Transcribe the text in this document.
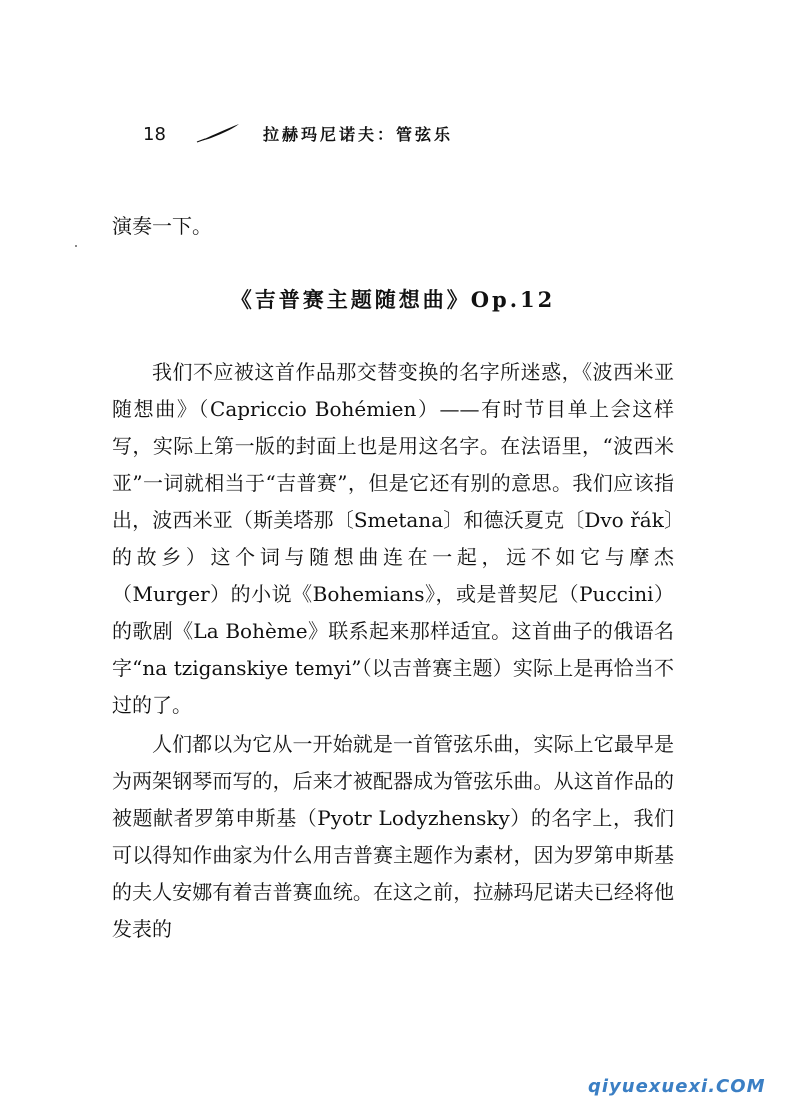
18	拉赫玛尼诺夫：管弦乐

演奏一下。

《吉普赛主题随想曲》Op.12

我们不应被这首作品那交替变换的名字所迷惑，《波西米亚随想曲》（Capriccio Bohémien）——有时节目单上会这样写，实际上第一版的封面上也是用这名字。在法语里，“波西米亚”一词就相当于“吉普赛”，但是它还有别的意思。我们应该指出，波西米亚（斯美塔那〔Smetana〕和德沃夏克〔Dvo řák〕的故乡）这个词与随想曲连在一起，远不如它与摩杰（Murger）的小说《Bohemians》，或是普契尼（Puccini）的歌剧《La Bohème》联系起来那样适宜。这首曲子的俄语名字“na tziganskiye temyi”（以吉普赛主题）实际上是再恰当不过的了。

人们都以为它从一开始就是一首管弦乐曲，实际上它最早是为两架钢琴而写的，后来才被配器成为管弦乐曲。从这首作品的被题献者罗第申斯基（Pyotr Lodyzhensky）的名字上，我们可以得知作曲家为什么用吉普赛主题作为素材，因为罗第申斯基的夫人安娜有着吉普赛血统。在这之前，拉赫玛尼诺夫已经将他发表的

qiyuexuexi.COM
